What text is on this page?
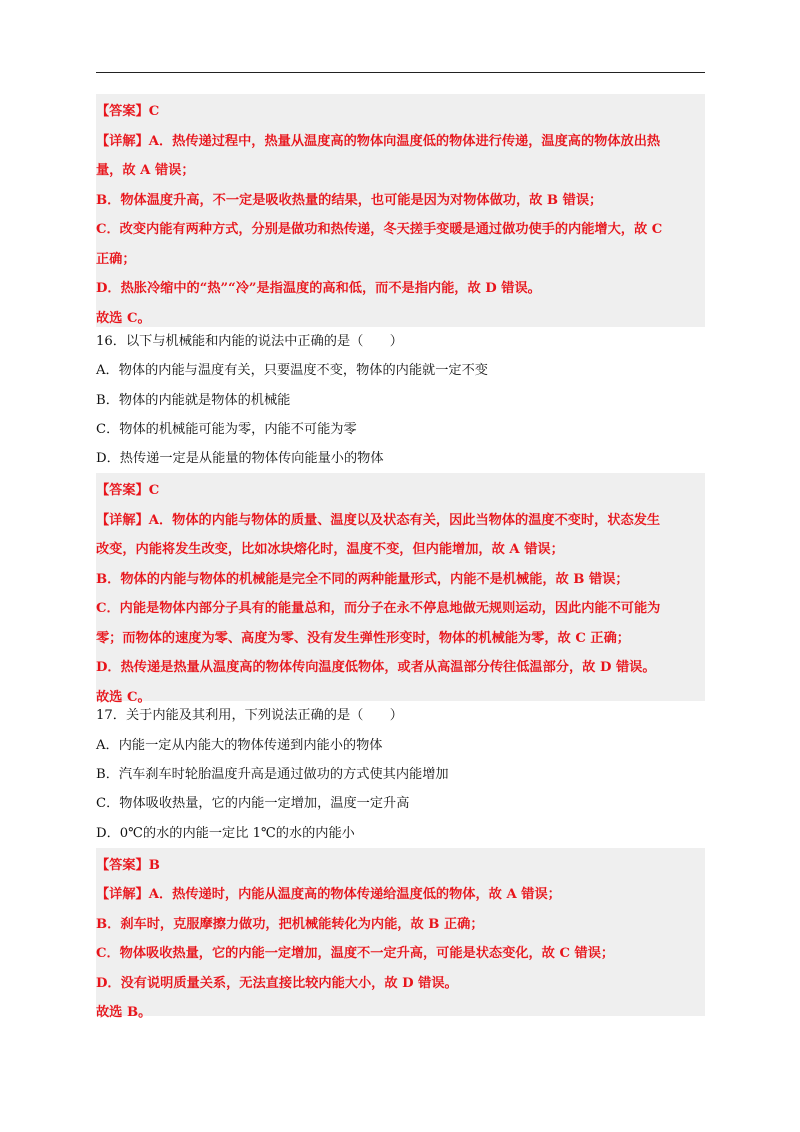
【答案】C
【详解】A．热传递过程中，热量从温度高的物体向温度低的物体进行传递，温度高的物体放出热
量，故 A 错误；
B．物体温度升高，不一定是吸收热量的结果，也可能是因为对物体做功，故 B 错误；
C．改变内能有两种方式，分别是做功和热传递，冬天搓手变暖是通过做功使手的内能增大，故 C
正确；
D．热胀冷缩中的“热”“冷”是指温度的高和低，而不是指内能，故 D 错误。
故选 C。
16．以下与机械能和内能的说法中正确的是（　　）
A．物体的内能与温度有关，只要温度不变，物体的内能就一定不变
B．物体的内能就是物体的机械能
C．物体的机械能可能为零，内能不可能为零
D．热传递一定是从能量的物体传向能量小的物体
【答案】C
【详解】A．物体的内能与物体的质量、温度以及状态有关，因此当物体的温度不变时，状态发生
改变，内能将发生改变，比如冰块熔化时，温度不变，但内能增加，故 A 错误；
B．物体的内能与物体的机械能是完全不同的两种能量形式，内能不是机械能，故 B 错误；
C．内能是物体内部分子具有的能量总和，而分子在永不停息地做无规则运动，因此内能不可能为
零；而物体的速度为零、高度为零、没有发生弹性形变时，物体的机械能为零，故 C 正确；
D．热传递是热量从温度高的物体传向温度低物体，或者从高温部分传往低温部分，故 D 错误。
故选 C。
17．关于内能及其利用，下列说法正确的是（　　）
A．内能一定从内能大的物体传递到内能小的物体
B．汽车刹车时轮胎温度升高是通过做功的方式使其内能增加
C．物体吸收热量，它的内能一定增加，温度一定升高
D．0℃的水的内能一定比 1℃的水的内能小
【答案】B
【详解】A．热传递时，内能从温度高的物体传递给温度低的物体，故 A 错误；
B．刹车时，克服摩擦力做功，把机械能转化为内能，故 B 正确；
C．物体吸收热量，它的内能一定增加，温度不一定升高，可能是状态变化，故 C 错误；
D．没有说明质量关系，无法直接比较内能大小，故 D 错误。
故选 B。
